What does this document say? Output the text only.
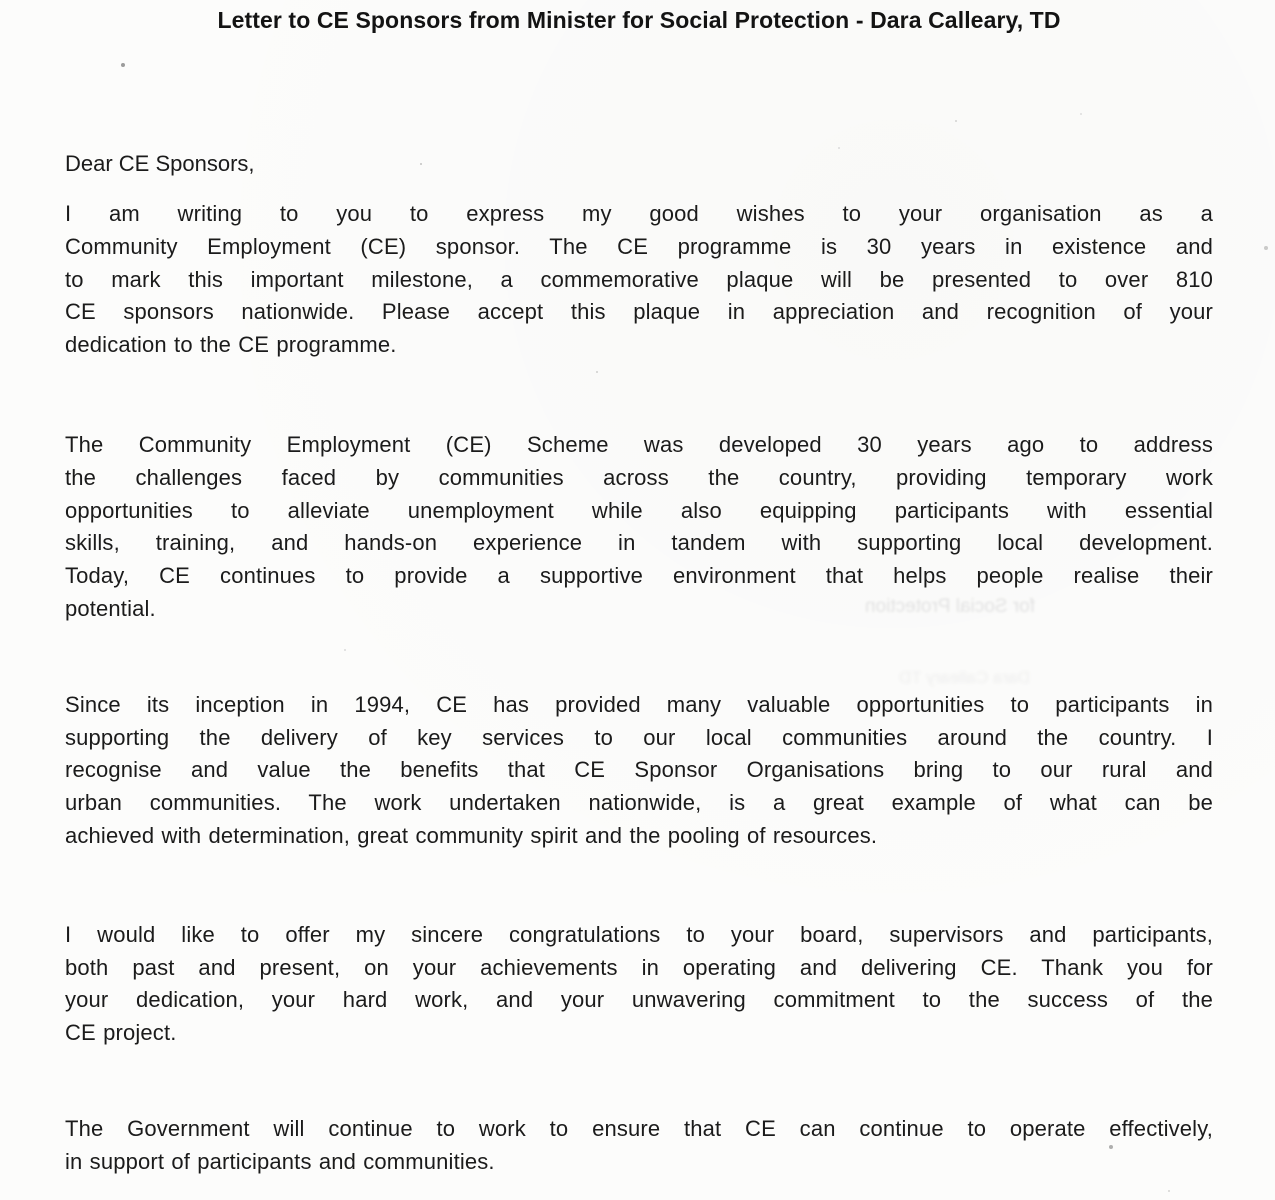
Letter to CE Sponsors from Minister for Social Protection - Dara Calleary, TD
Dear CE Sponsors,
I am writing to you to express my good wishes to your organisation as a
Community Employment (CE) sponsor. The CE programme is 30 years in existence and
to mark this important milestone, a commemorative plaque will be presented to over 810
CE sponsors nationwide. Please accept this plaque in appreciation and recognition of your
dedication to the CE programme.
The Community Employment (CE) Scheme was developed 30 years ago to address
the challenges faced by communities across the country, providing temporary work
opportunities to alleviate unemployment while also equipping participants with essential
skills, training, and hands-on experience in tandem with supporting local development.
Today, CE continues to provide a supportive environment that helps people realise their
potential.
Since its inception in 1994, CE has provided many valuable opportunities to participants in
supporting the delivery of key services to our local communities around the country. I
recognise and value the benefits that CE Sponsor Organisations bring to our rural and
urban communities. The work undertaken nationwide, is a great example of what can be
achieved with determination, great community spirit and the pooling of resources.
I would like to offer my sincere congratulations to your board, supervisors and participants,
both past and present, on your achievements in operating and delivering CE. Thank you for
your dedication, your hard work, and your unwavering commitment to the success of the
CE project.
The Government will continue to work to ensure that CE can continue to operate effectively,
in support of participants and communities.
for Social Protection
Dara Calleary TD
